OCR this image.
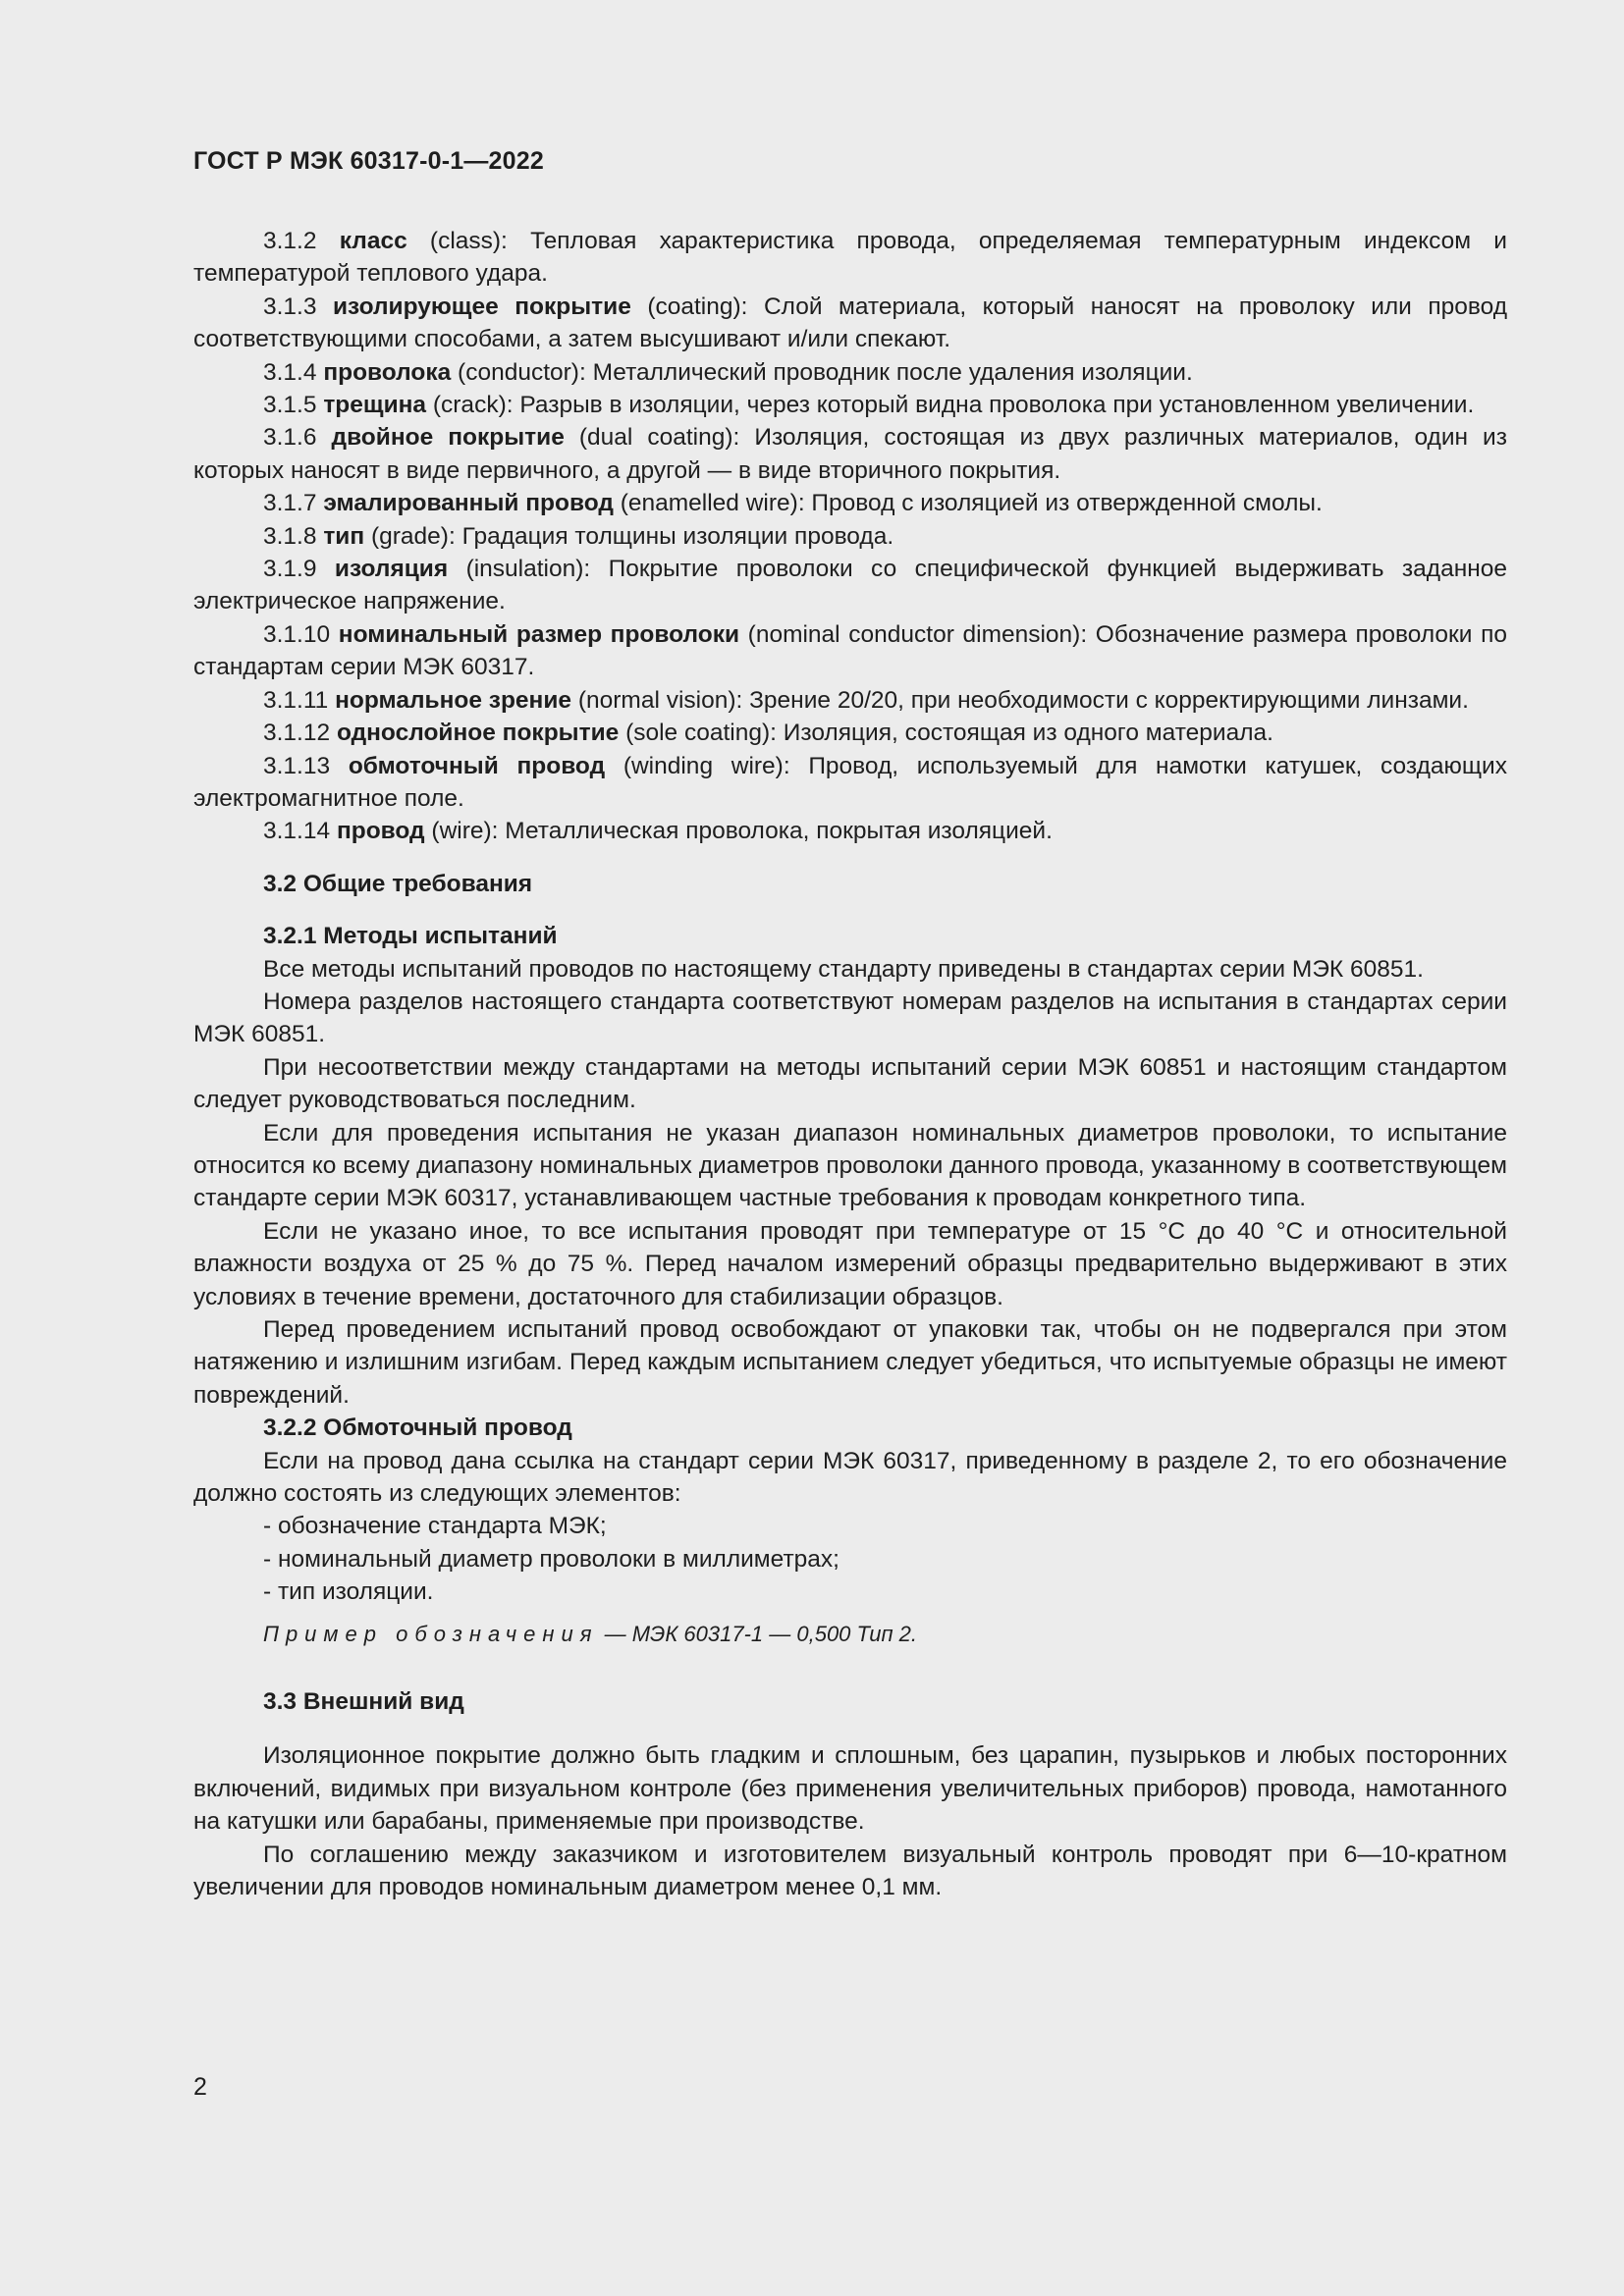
ГОСТ Р МЭК 60317-0-1—2022

3.1.2 класс (class): Тепловая характеристика провода, определяемая температурным индексом и температурой теплового удара.

3.1.3 изолирующее покрытие (coating): Слой материала, который наносят на проволоку или провод соответствующими способами, а затем высушивают и/или спекают.

3.1.4 проволока (conductor): Металлический проводник после удаления изоляции.

3.1.5 трещина (crack): Разрыв в изоляции, через который видна проволока при установленном увеличении.

3.1.6 двойное покрытие (dual coating): Изоляция, состоящая из двух различных материалов, один из которых наносят в виде первичного, а другой — в виде вторичного покрытия.

3.1.7 эмалированный провод (enamelled wire): Провод с изоляцией из отвержденной смолы.

3.1.8 тип (grade): Градация толщины изоляции провода.

3.1.9 изоляция (insulation): Покрытие проволоки со специфической функцией выдерживать заданное электрическое напряжение.

3.1.10 номинальный размер проволоки (nominal conductor dimension): Обозначение размера проволоки по стандартам серии МЭК 60317.

3.1.11 нормальное зрение (normal vision): Зрение 20/20, при необходимости с корректирующими линзами.

3.1.12 однослойное покрытие (sole coating): Изоляция, состоящая из одного материала.

3.1.13 обмоточный провод (winding wire): Провод, используемый для намотки катушек, создающих электромагнитное поле.

3.1.14 провод (wire): Металлическая проволока, покрытая изоляцией.

3.2 Общие требования

3.2.1 Методы испытаний

Все методы испытаний проводов по настоящему стандарту приведены в стандартах серии МЭК 60851.

Номера разделов настоящего стандарта соответствуют номерам разделов на испытания в стандартах серии МЭК 60851.

При несоответствии между стандартами на методы испытаний серии МЭК 60851 и настоящим стандартом следует руководствоваться последним.

Если для проведения испытания не указан диапазон номинальных диаметров проволоки, то испытание относится ко всему диапазону номинальных диаметров проволоки данного провода, указанному в соответствующем стандарте серии МЭК 60317, устанавливающем частные требования к проводам конкретного типа.

Если не указано иное, то все испытания проводят при температуре от 15 °С до 40 °С и относительной влажности воздуха от 25 % до 75 %. Перед началом измерений образцы предварительно выдерживают в этих условиях в течение времени, достаточного для стабилизации образцов.

Перед проведением испытаний провод освобождают от упаковки так, чтобы он не подвергался при этом натяжению и излишним изгибам. Перед каждым испытанием следует убедиться, что испытуемые образцы не имеют повреждений.

3.2.2 Обмоточный провод

Если на провод дана ссылка на стандарт серии МЭК 60317, приведенному в разделе 2, то его обозначение должно состоять из следующих элементов:

- обозначение стандарта МЭК;

- номинальный диаметр проволоки в миллиметрах;

- тип изоляции.

Пример обозначения — МЭК 60317-1 — 0,500 Тип 2.

3.3 Внешний вид

Изоляционное покрытие должно быть гладким и сплошным, без царапин, пузырьков и любых посторонних включений, видимых при визуальном контроле (без применения увеличительных приборов) провода, намотанного на катушки или барабаны, применяемые при производстве.

По соглашению между заказчиком и изготовителем визуальный контроль проводят при 6—10-кратном увеличении для проводов номинальным диаметром менее 0,1 мм.

2
